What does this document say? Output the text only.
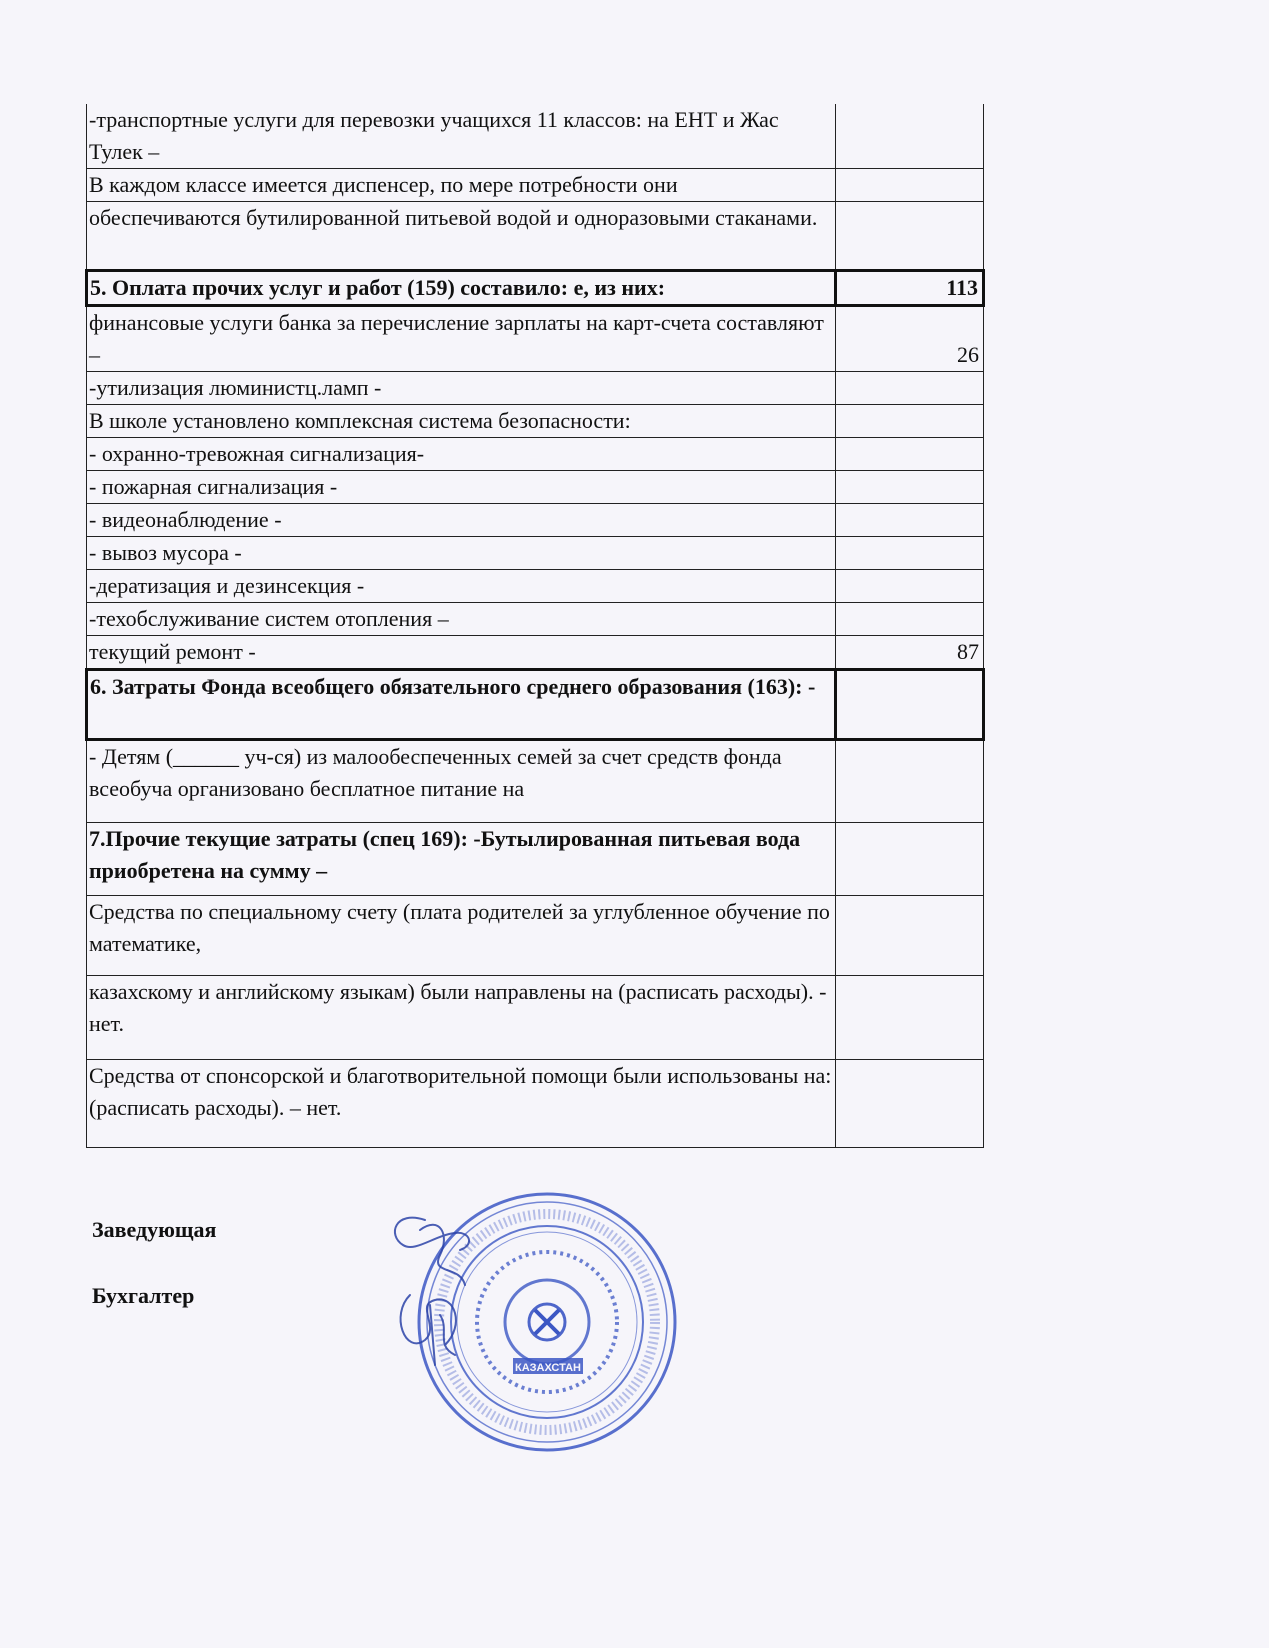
-транспортные услуги для перевозки учащихся 11 классов: на ЕНТ и Жас Тулек –	
В каждом классе имеется диспенсер, по мере потребности они	
обеспечиваются бутилированной питьевой водой и одноразовыми стаканами.	
5. Оплата прочих услуг и работ (159) составило: e, из них:	113
финансовые услуги банка за перечисление зарплаты на карт-счета составляют –	26
-утилизация люминистц.ламп -	
В школе установлено комплексная система безопасности:	
- охранно-тревожная сигнализация-	
- пожарная сигнализация -	
- видеонаблюдение -	
- вывоз мусора -	
-дератизация и дезинсекция -	
-техобслуживание систем отопления –	
текущий ремонт -	87
6. Затраты Фонда всеобщего обязательного среднего образования (163): -	
- Детям (______ уч-ся) из малообеспеченных семей за счет средств фонда всеобуча организовано бесплатное питание на	
7.Прочие текущие затраты (спец 169): -Бутылированная питьевая вода приобретена на сумму –	
Средства по специальному счету (плата родителей за углубленное обучение по математике,	
казахскому и английскому языкам) были направлены на (расписать расходы). - нет.	
Средства от спонсорской и благотворительной помощи были использованы на: (расписать расходы). – нет.	
Заведующая
Бухгалтер
КАЗАХСТАН
